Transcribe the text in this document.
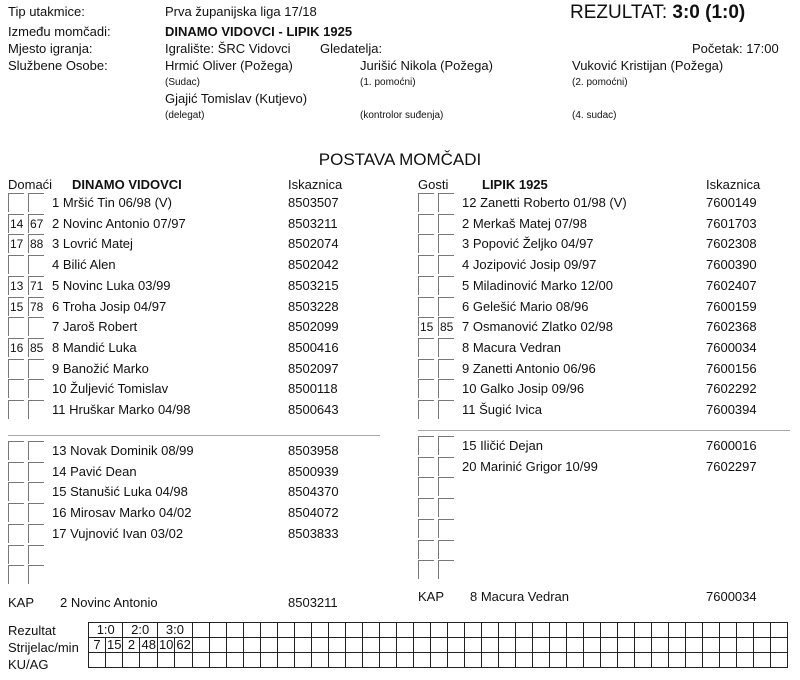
Tip utakmice:	Prva županijska liga 17/18	REZULTAT: 3:0 (1:0)
Između momčadi:	DINAMO VIDOVCI - LIPIK 1925
Mjesto igranja:	Igralište: ŠRC Vidovci Gledatelja:	Početak: 17:00
Službene Osobe:	Hrmić Oliver (Požega)
(Sudac)
Jurišić Nikola (Požega)
(1. pomoćni)
Vuković Kristijan (Požega)
(2. pomoćni)
Gjajić Tomislav (Kutjevo)
(delegat)	(kontrolor suđenja)	(4. sudac)
POSTAVA MOMČADI
Domaći DINAMO VIDOVCI	Iskaznica	Gosti	LIPIK 1925	Iskaznica
1 Mršić Tin 06/98 (V)	8503507
14 67 2 Novinc Antonio 07/97	8503211
17 88 3 Lovrić Matej	8502074
4 Bilić Alen	8502042
13 71 5 Novinc Luka 03/99	8503215
15 78 6 Troha Josip 04/97	8503228
7 Jaroš Robert	8502099
16 85 8 Mandić Luka	8500416
9 Banožić Marko	8502097
10 Žuljević Tomislav	8500118
11 Hruškar Marko 04/98	8500643
12 Zanetti Roberto 01/98 (V)	7600149
2 Merkaš Matej 07/98	7601703
3 Popović Željko 04/97	7602308
4 Jozipović Josip 09/97	7600390
5 Miladinović Marko 12/00	7602407
6 Gelešić Mario 08/96	7600159
15 85 7 Osmanović Zlatko 02/98	7602368
8 Macura Vedran	7600034
9 Zanetti Antonio 06/96	7600156
10 Galko Josip 09/96	7602292
11 Šugić Ivica	7600394
13 Novak Dominik 08/99	8503958
14 Pavić Dean	8500939
15 Stanušić Luka 04/98	8504370
16 Mirosav Marko 04/02	8504072
17 Vujnović Ivan 03/02	8503833
15 Iličić Dejan	7600016
20 Marinić Grigor 10/99	7602297
KAP 2 Novinc Antonio	8503211	KAP 8 Macura Vedran	7600034
Rezultat
Strijelac/min
KU/AG
1:0		2:0		3:0																																				
7	15	2	48	10	62																																			
